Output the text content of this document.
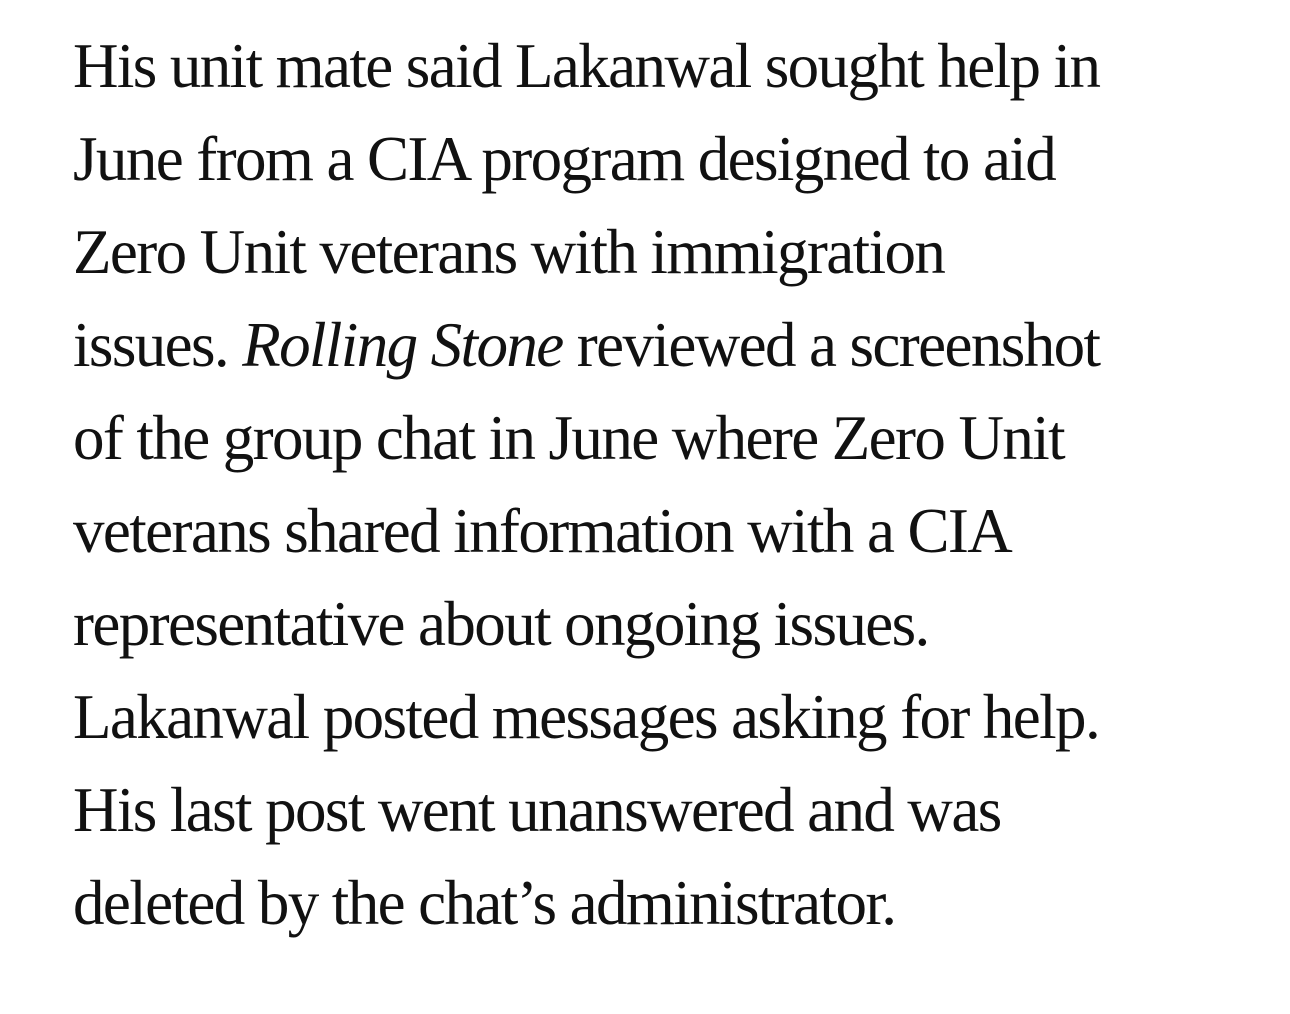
His unit mate said Lakanwal sought help in
June from a CIA program designed to aid
Zero Unit veterans with immigration
issues. Rolling Stone reviewed a screenshot
of the group chat in June where Zero Unit
veterans shared information with a CIA
representative about ongoing issues.
Lakanwal posted messages asking for help.
His last post went unanswered and was
deleted by the chat’s administrator.
